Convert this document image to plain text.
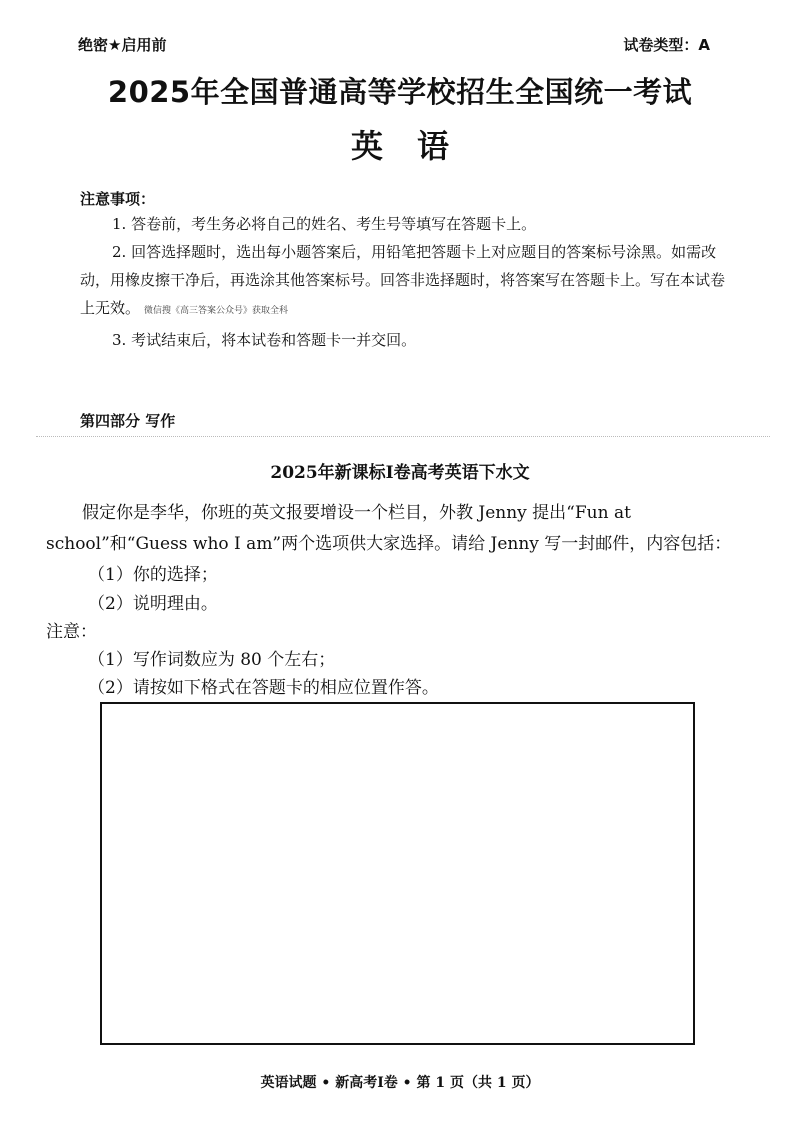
绝密★启用前	试卷类型：A
2025年全国普通高等学校招生全国统一考试
英语
注意事项：
1. 答卷前，考生务必将自己的姓名、考生号等填写在答题卡上。
2. 回答选择题时，选出每小题答案后，用铅笔把答题卡上对应题目的答案标号涂黑。如需改动，用橡皮擦干净后，再选涂其他答案标号。回答非选择题时，将答案写在答题卡上。写在本试卷上无效。 微信搜《高三答案公众号》获取全科
3. 考试结束后，将本试卷和答题卡一并交回。
第四部分 写作
2025年新课标I卷高考英语下水文
假定你是李华，你班的英文报要增设一个栏目，外教 Jenny 提出“Fun at school”和“Guess who I am”两个选项供大家选择。请给 Jenny 写一封邮件，内容包括：
（1）你的选择；
（2）说明理由。
注意：
（1）写作词数应为 80 个左右；
（2）请按如下格式在答题卡的相应位置作答。
英语试题 • 新高考I卷 • 第 1 页（共 1 页）
